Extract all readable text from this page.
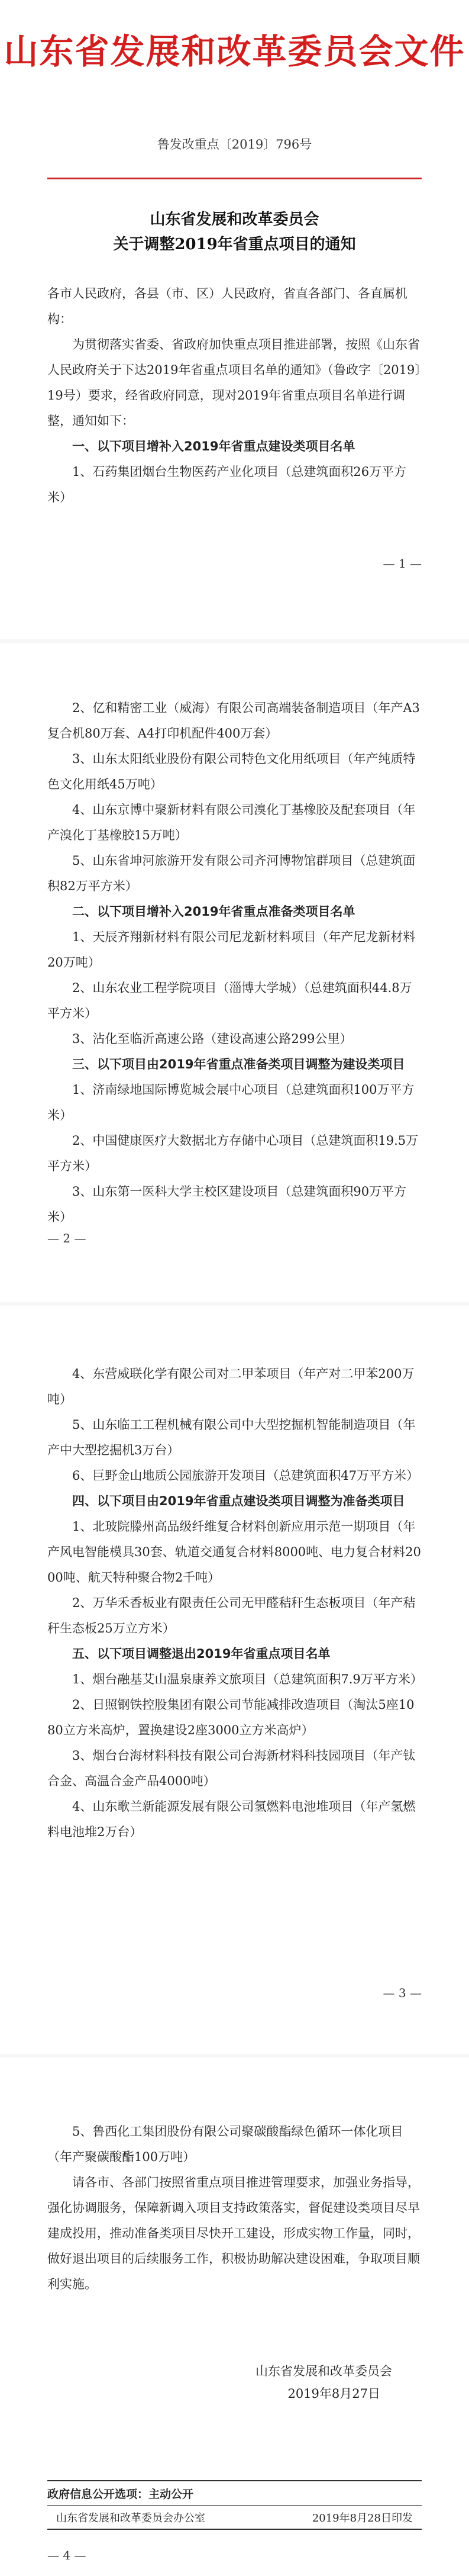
山东省发展和改革委员会文件
鲁发改重点〔2019〕796号
山东省发展和改革委员会
关于调整2019年省重点项目的通知

各市人民政府，各县（市、区）人民政府，省直各部门、各直属机构：

为贯彻落实省委、省政府加快重点项目推进部署，按照《山东省人民政府关于下达2019年省重点项目名单的通知》（鲁政字〔2019〕19号）要求，经省政府同意，现对2019年省重点项目名单进行调整，通知如下：

一、以下项目增补入2019年省重点建设类项目名单

1、石药集团烟台生物医药产业化项目（总建筑面积26万平方米）

— 1 —

2、亿和精密工业（威海）有限公司高端装备制造项目（年产A3复合机80万套、A4打印机配件400万套）

3、山东太阳纸业股份有限公司特色文化用纸项目（年产纯质特色文化用纸45万吨）

4、山东京博中聚新材料有限公司溴化丁基橡胶及配套项目（年产溴化丁基橡胶15万吨）

5、山东省坤河旅游开发有限公司齐河博物馆群项目（总建筑面积82万平方米）

二、以下项目增补入2019年省重点准备类项目名单

1、天辰齐翔新材料有限公司尼龙新材料项目（年产尼龙新材料20万吨）

2、山东农业工程学院项目（淄博大学城）（总建筑面积44.8万平方米）

3、沾化至临沂高速公路（建设高速公路299公里）

三、以下项目由2019年省重点准备类项目调整为建设类项目

1、济南绿地国际博览城会展中心项目（总建筑面积100万平方米）

2、中国健康医疗大数据北方存储中心项目（总建筑面积19.5万平方米）

3、山东第一医科大学主校区建设项目（总建筑面积90万平方米）

— 2 —

4、东营威联化学有限公司对二甲苯项目（年产对二甲苯200万吨）

5、山东临工工程机械有限公司中大型挖掘机智能制造项目（年产中大型挖掘机3万台）

6、巨野金山地质公园旅游开发项目（总建筑面积47万平方米）

四、以下项目由2019年省重点建设类项目调整为准备类项目

1、北玻院滕州高品级纤维复合材料创新应用示范一期项目（年产风电智能模具30套、轨道交通复合材料8000吨、电力复合材料2000吨、航天特种聚合物2千吨）

2、万华禾香板业有限责任公司无甲醛秸秆生态板项目（年产秸秆生态板25万立方米）

五、以下项目调整退出2019年省重点项目名单

1、烟台融基艾山温泉康养文旅项目（总建筑面积7.9万平方米）

2、日照钢铁控股集团有限公司节能减排改造项目（淘汰5座1080立方米高炉，置换建设2座3000立方米高炉）

3、烟台台海材料科技有限公司台海新材料科技园项目（年产钛合金、高温合金产品4000吨）

4、山东歌兰新能源发展有限公司氢燃料电池堆项目（年产氢燃料电池堆2万台）

— 3 —

5、鲁西化工集团股份有限公司聚碳酸酯绿色循环一体化项目（年产聚碳酸酯100万吨）

请各市、各部门按照省重点项目推进管理要求，加强业务指导，强化协调服务，保障新调入项目支持政策落实，督促建设类项目尽早建成投用，推动准备类项目尽快开工建设，形成实物工作量，同时，做好退出项目的后续服务工作，积极协助解决建设困难，争取项目顺利实施。

山东省发展和改革委员会
2019年8月27日
政府信息公开选项：主动公开
山东省发展和改革委员会办公室	2019年8月28日印发
— 4 —
